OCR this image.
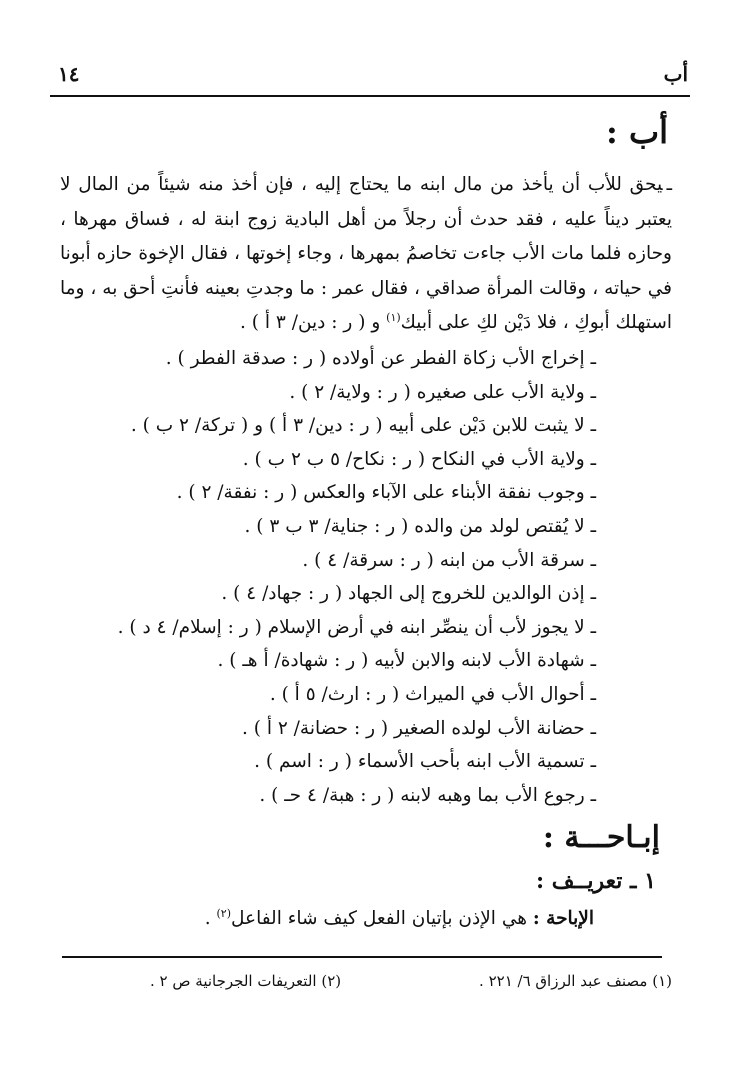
أب
١٤
أب :
ـيحق للأب أن يأخذ من مال ابنه ما يحتاج إليه ، فإن أخذ منه شيئاً من المال لا يعتبر ديناً عليه ، فقد حدث أن رجلاً من أهل البادية زوج ابنة له ، فساق مهرها ، وحازه فلما مات الأب جاءت تخاصمُ بمهرها ، وجاء إخوتها ، فقال الإخوة حازه أبونا في حياته ، وقالت المرأة صداقي ، فقال عمر : ما وجدتِ بعينه فأنتِ أحق به ، وما استهلك أبوكِ ، فلا دَيْن لكِ على أبيك$^{(١)}$ و ( ر : دين/ ٣ أ ) .
ـ إخراج الأب زكاة الفطر عن أولاده ( ر : صدقة الفطر ) .
ـ ولاية الأب على صغيره ( ر : ولاية/ ٢ ) .
ـ لا يثبت للابن دَيْن على أبيه ( ر : دين/ ٣ أ ) و ( تركة/ ٢ ب ) .
ـ ولاية الأب في النكاح ( ر : نكاح/ ٥ ب ٢ ب ) .
ـ وجوب نفقة الأبناء على الآباء والعكس ( ر : نفقة/ ٢ ) .
ـ لا يُقتص لولد من والده ( ر : جناية/ ٣ ب ٣ ) .
ـ سرقة الأب من ابنه ( ر : سرقة/ ٤ ) .
ـ إذن الوالدين للخروج إلى الجهاد ( ر : جهاد/ ٤ ) .
ـ لا يجوز لأب أن ينصِّر ابنه في أرض الإسلام ( ر : إسلام/ ٤ د ) .
ـ شهادة الأب لابنه والابن لأبيه ( ر : شهادة/ أ هـ ) .
ـ أحوال الأب في الميراث ( ر : ارث/ ٥ أ ) .
ـ حضانة الأب لولده الصغير ( ر : حضانة/ ٢ أ ) .
ـ تسمية الأب ابنه بأحب الأسماء ( ر : اسم ) .
ـ رجوع الأب بما وهبه لابنه ( ر : هبة/ ٤ حـ ) .
إبـاحـــة :
١ ـ تعريــف :
الإباحة : هي الإذن بإتيان الفعل كيف شاء الفاعل$^{(٢)}$ .
(١) مصنف عبد الرزاق ٦/ ٢٢١ .
(٢) التعريفات الجرجانية ص ٢ .
